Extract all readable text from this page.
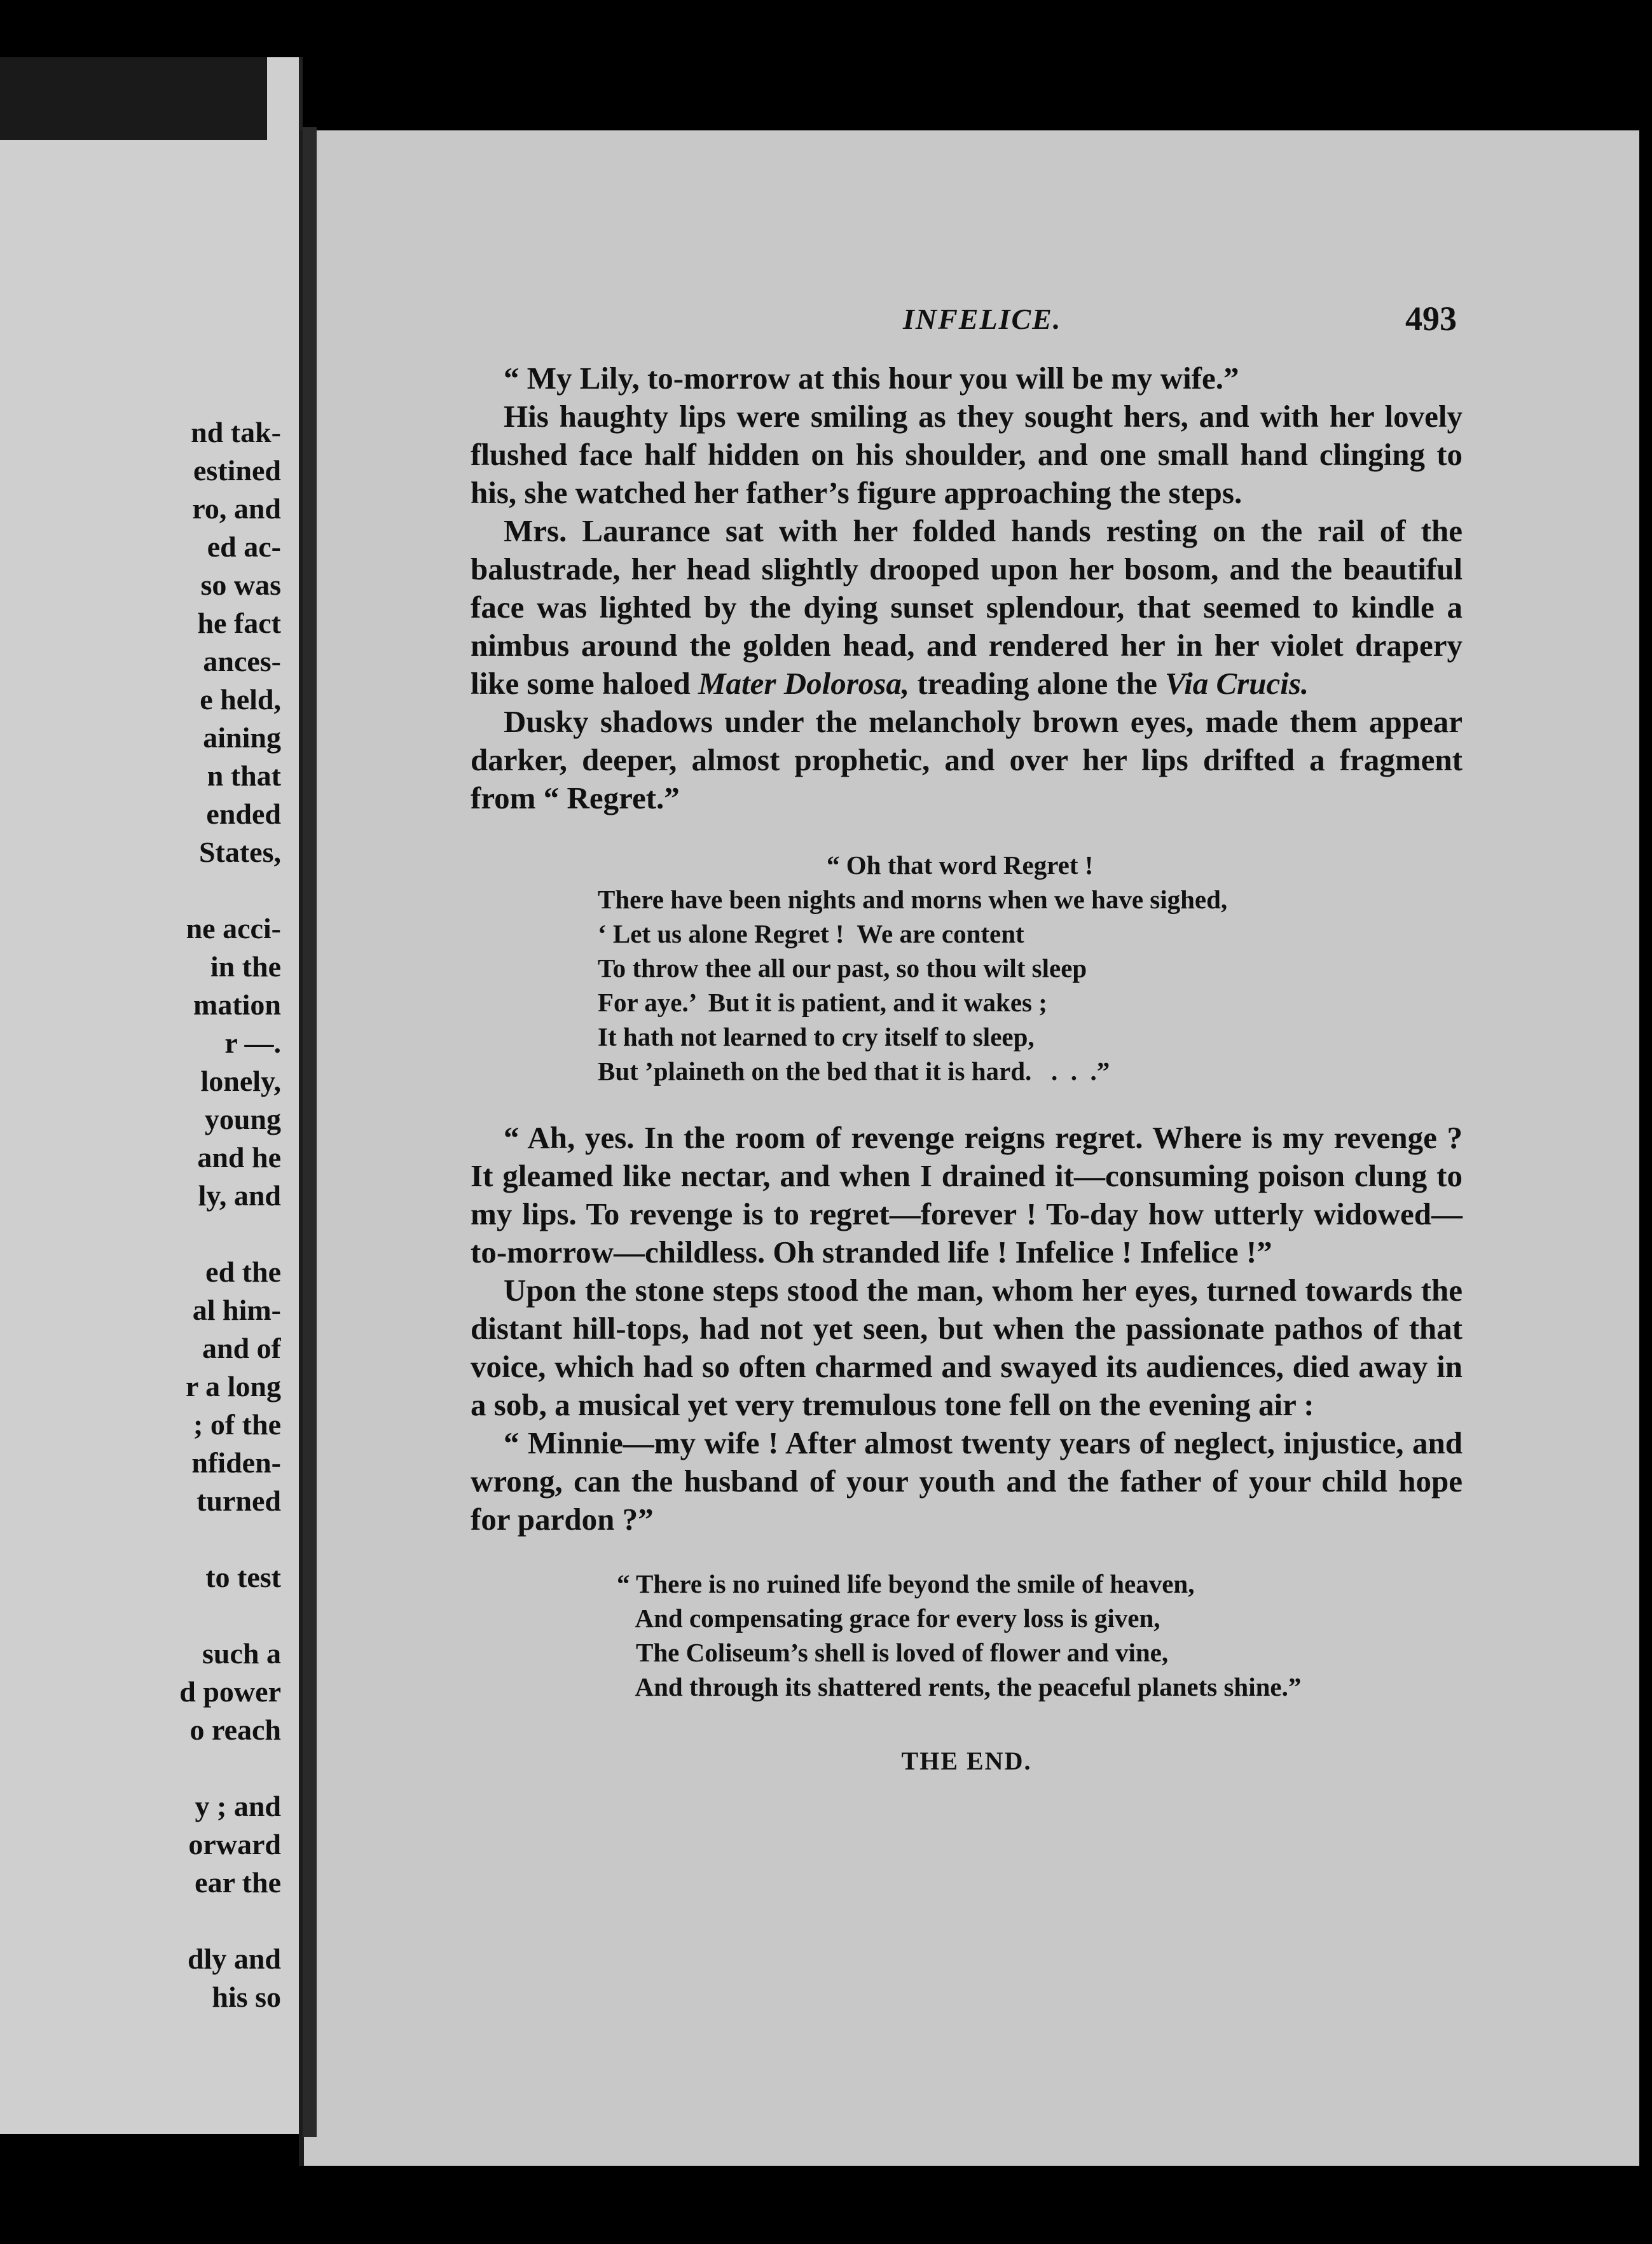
nd tak-
estined
ro, and
ed ac-
so was
he fact
ances-
e held,
aining
n that
ended
States,
ne acci-
in the
mation
r —.
lonely,
young
and he
ly, and
ed the
al him-
and of
r a long
; of the
nfiden-
turned
to test
such a
d power
o reach
y ; and
orward
ear the
dly and
his so
INFELICE.	493

“ My Lily, to-morrow at this hour you will be my wife.”

His haughty lips were smiling as they sought hers, and with her lovely flushed face half hidden on his shoulder, and one small hand clinging to his, she watched her father’s figure approaching the steps.

Mrs. Laurance sat with her folded hands resting on the rail of the balustrade, her head slightly drooped upon her bosom, and the beautiful face was lighted by the dying sunset splendour, that seemed to kindle a nimbus around the golden head, and rendered her in her violet drapery like some haloed Mater Dolorosa, treading alone the Via Crucis.

Dusky shadows under the melancholy brown eyes, made them appear darker, deeper, almost prophetic, and over her lips drifted a fragment from “ Regret.”

“ Oh that word Regret !
There have been nights and morns when we have sighed,
‘ Let us alone Regret !  We are content
To throw thee all our past, so thou wilt sleep
For aye.’  But it is patient, and it wakes ;
It hath not learned to cry itself to sleep,
But ’plaineth on the bed that it is hard.   .  .  .”

“ Ah, yes. In the room of revenge reigns regret. Where is my revenge ? It gleamed like nectar, and when I drained it—consuming poison clung to my lips. To revenge is to regret—forever ! To-day how utterly widowed—to-morrow—childless. Oh stranded life ! Infelice ! Infelice !”

Upon the stone steps stood the man, whom her eyes, turned towards the distant hill-tops, had not yet seen, but when the passionate pathos of that voice, which had so often charmed and swayed its audiences, died away in a sob, a musical yet very tremulous tone fell on the evening air :

“ Minnie—my wife ! After almost twenty years of neglect, injustice, and wrong, can the husband of your youth and the father of your child hope for pardon ?”

“ There is no ruined life beyond the smile of heaven,
And compensating grace for every loss is given,
The Coliseum’s shell is loved of flower and vine,
And through its shattered rents, the peaceful planets shine.”
THE END.
